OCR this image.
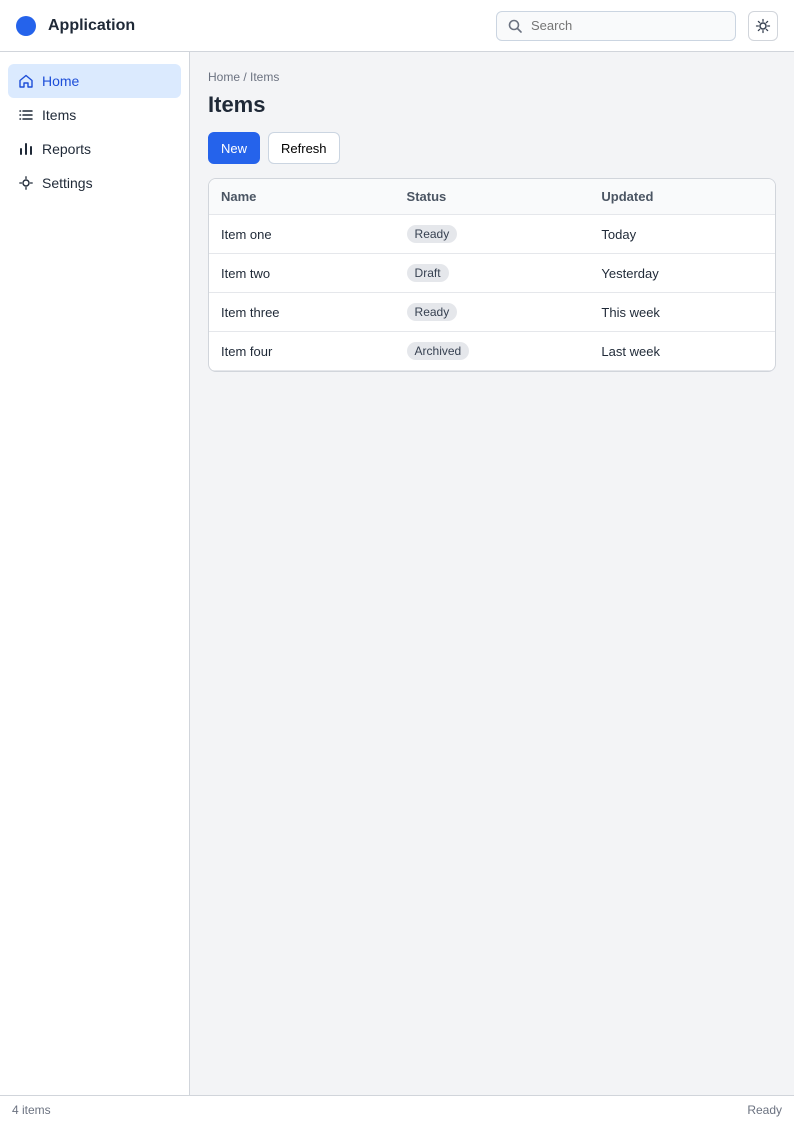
Application
Search
Home
Items
Reports
Settings
Home / Items
Items
New	Refresh
Name	Status	Updated
Item one	Ready	Today
Item two	Draft	Yesterday
Item three	Ready	This week
Item four	Archived	Last week
4 items	Ready
